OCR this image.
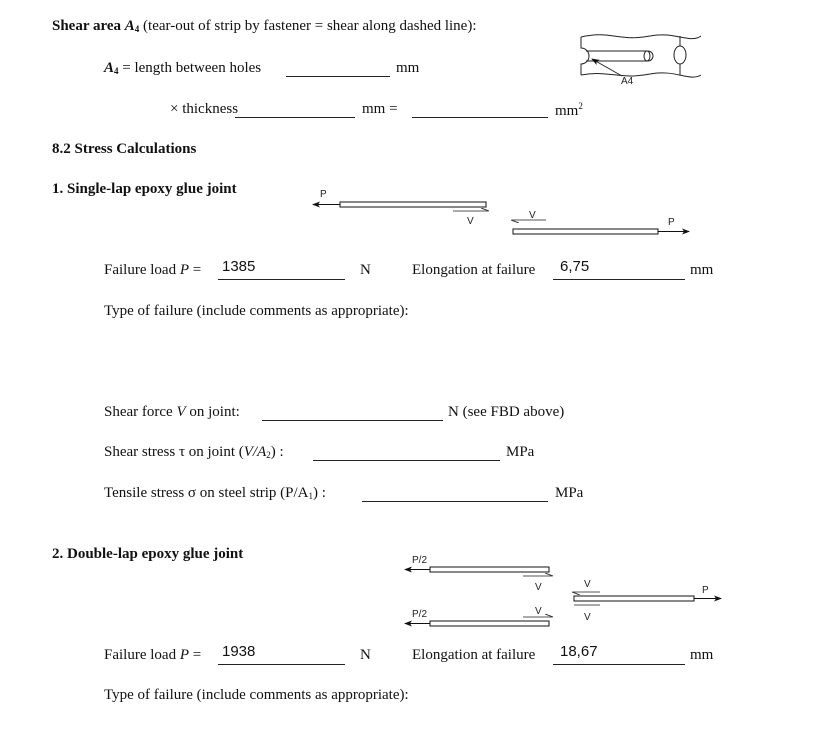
Shear area $A_4$ (tear-out of strip by fastener = shear along dashed line):
$A_4$ = length between holes	mm
× thickness	mm =	$mm^2$
8.2 Stress Calculations
1. Single-lap epoxy glue joint
Failure load P = 1385	N	Elongation at failure 6,75	mm
Type of failure (include comments as appropriate):
Shear force V on joint:	N (see FBD above)
Shear stress τ on joint $(V/A_2)$ :	MPa
Tensile stress σ on steel strip $(P/A_1)$ :	MPa
2. Double-lap epoxy glue joint
Failure load P = 1938	N	Elongation at failure 18,67	mm
Type of failure (include comments as appropriate):
A4
P
V
V
P
P/2
V
P/2	V
V
V
P
